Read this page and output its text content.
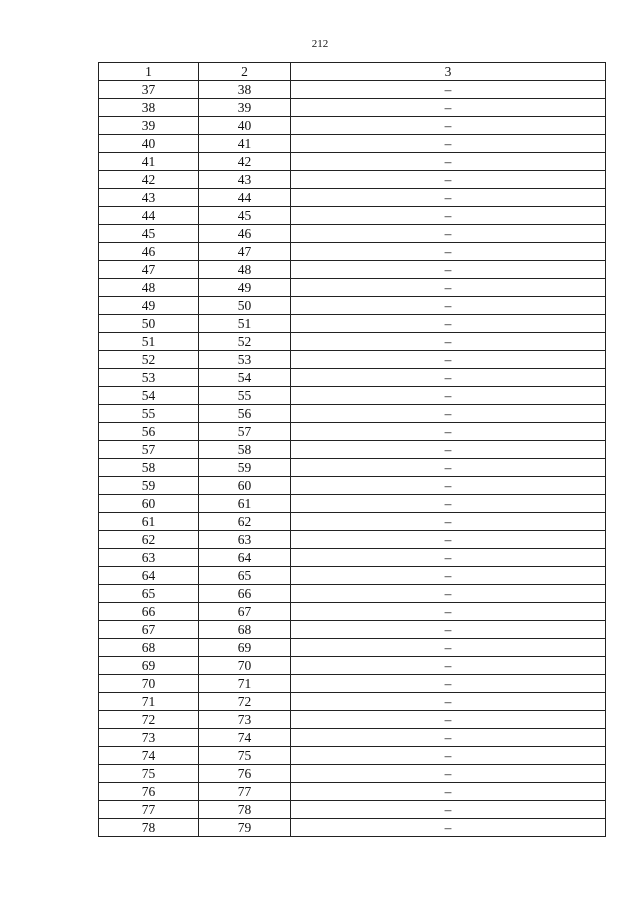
212
1	2	3
37	38	–
38	39	–
39	40	–
40	41	–
41	42	–
42	43	–
43	44	–
44	45	–
45	46	–
46	47	–
47	48	–
48	49	–
49	50	–
50	51	–
51	52	–
52	53	–
53	54	–
54	55	–
55	56	–
56	57	–
57	58	–
58	59	–
59	60	–
60	61	–
61	62	–
62	63	–
63	64	–
64	65	–
65	66	–
66	67	–
67	68	–
68	69	–
69	70	–
70	71	–
71	72	–
72	73	–
73	74	–
74	75	–
75	76	–
76	77	–
77	78	–
78	79	–
